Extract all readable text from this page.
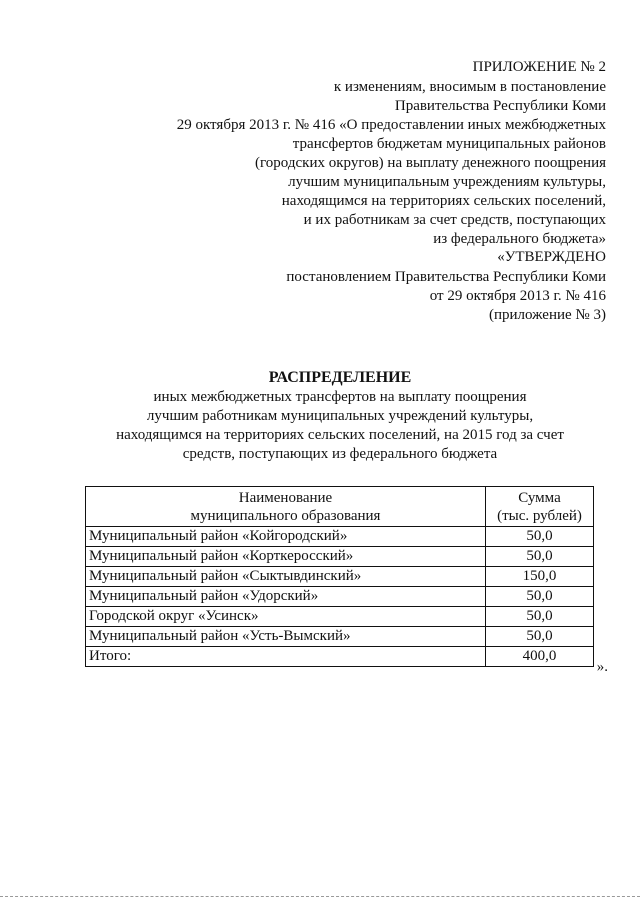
ПРИЛОЖЕНИЕ № 2
к изменениям, вносимым в постановление
Правительства Республики Коми
29 октября 2013 г. № 416 «О предоставлении иных межбюджетных
трансфертов бюджетам муниципальных районов
(городских округов) на выплату денежного поощрения
лучшим муниципальным учреждениям культуры,
находящимся на территориях сельских поселений,
и их работникам за счет средств, поступающих
из федерального бюджета»
«УТВЕРЖДЕНО
постановлением Правительства Республики Коми
от 29 октября 2013 г. № 416
(приложение № 3)
РАСПРЕДЕЛЕНИЕ
иных межбюджетных трансфертов на выплату поощрения
лучшим работникам муниципальных учреждений культуры,
находящимся на территориях сельских поселений, на 2015 год за счет
средств, поступающих из федерального бюджета
Наименование
муниципального образования	Сумма
(тыс. рублей)

Муниципальный район «Койгородский»	50,0
Муниципальный район «Корткеросский»	50,0
Муниципальный район «Сыктывдинский»	150,0
Муниципальный район «Удорский»	50,0
Городской округ «Усинск»	50,0
Муниципальный район «Усть-Вымский»	50,0
Итого:	400,0
».
